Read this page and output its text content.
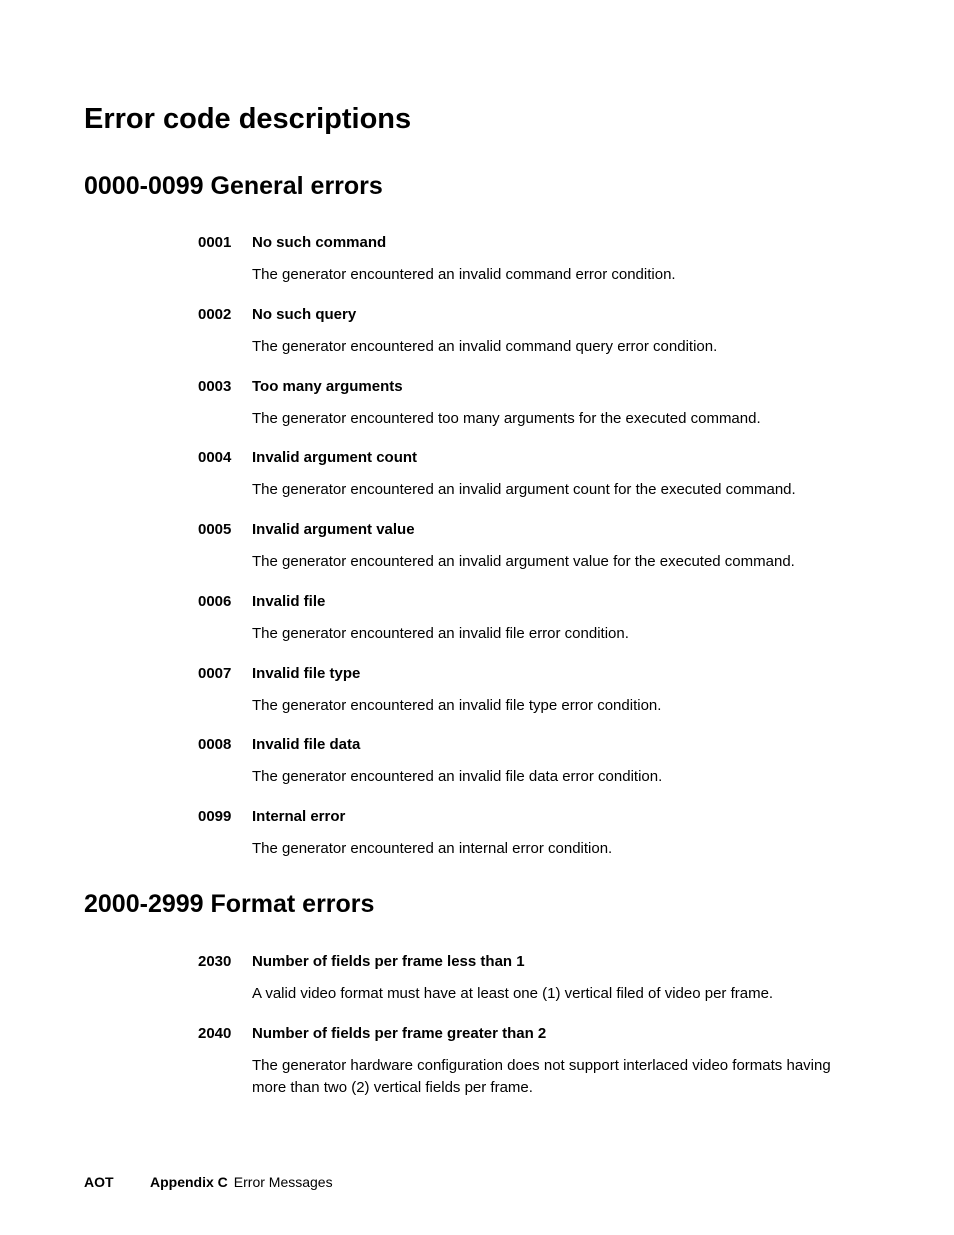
Error code descriptions
0000-0099 General errors
0001	No such command
The generator encountered an invalid command error condition.
0002	No such query
The generator encountered an invalid command query error condition.
0003	Too many arguments
The generator encountered too many arguments for the executed command.
0004	Invalid argument count
The generator encountered an invalid argument count for the executed command.
0005	Invalid argument value
The generator encountered an invalid argument value for the executed command.
0006	Invalid file
The generator encountered an invalid file error condition.
0007	Invalid file type
The generator encountered an invalid file type error condition.
0008	Invalid file data
The generator encountered an invalid file data error condition.
0099	Internal error
The generator encountered an internal error condition.
2000-2999 Format errors
2030	Number of fields per frame less than 1
A valid video format must have at least one (1) vertical filed of video per frame.
2040	Number of fields per frame greater than 2
The generator hardware configuration does not support interlaced video formats having more than two (2) vertical fields per frame.
AOT	Appendix C Error Messages
